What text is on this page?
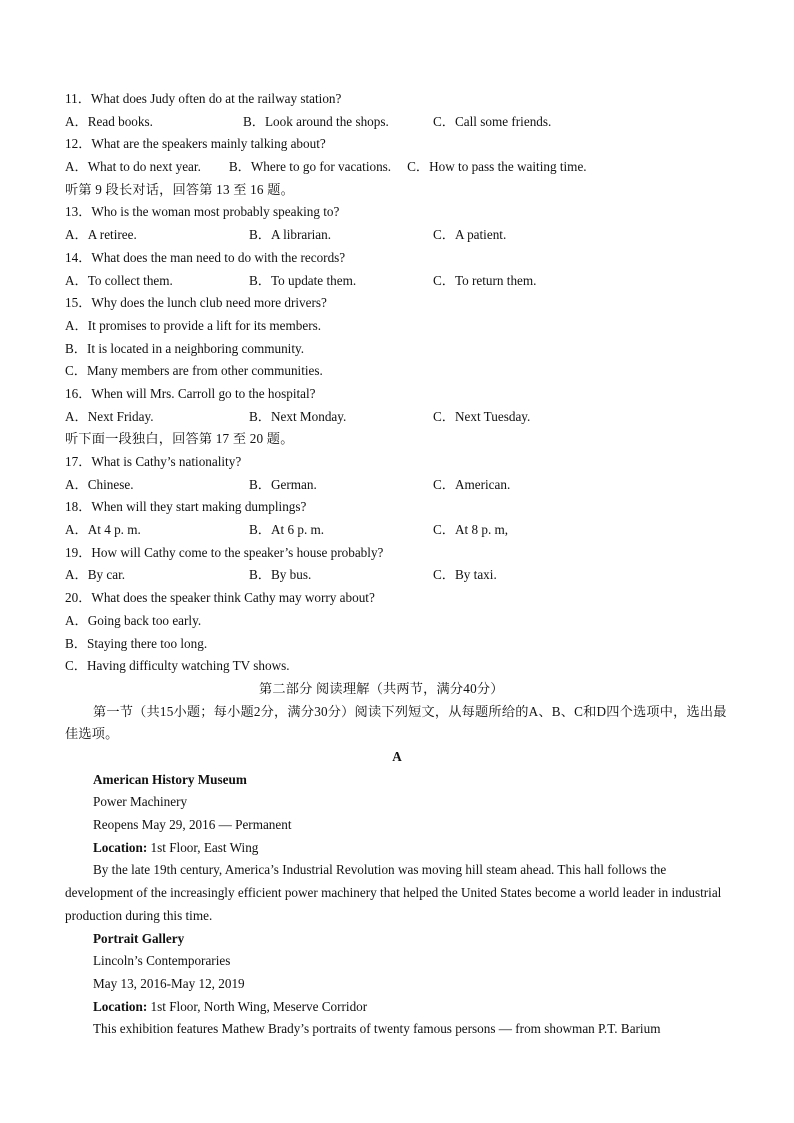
11．What does Judy often do at the railway station?
A．Read books.	B．Look around the shops.	C．Call some friends.
12．What are the speakers mainly talking about?
A．What to do next year. B．Where to go for vacations. C．How to pass the waiting time.
听第 9 段长对话，回答第 13 至 16 题。
13．Who is the woman most probably speaking to?
A．A retiree.	B．A librarian.	C．A patient.
14．What does the man need to do with the records?
A．To collect them.	B．To update them.	C．To return them.
15．Why does the lunch club need more drivers?
A．It promises to provide a lift for its members.
B．It is located in a neighboring community.
C．Many members are from other communities.
16．When will Mrs. Carroll go to the hospital?
A．Next Friday.	B．Next Monday.	C．Next Tuesday.
听下面一段独白，回答第 17 至 20 题。
17．What is Cathy’s nationality?
A．Chinese.	B．German.	C．American.
18．When will they start making dumplings?
A．At 4 p. m.	B．At 6 p. m.	C．At 8 p. m,
19．How will Cathy come to the speaker’s house probably?
A．By car.	B．By bus.	C．By taxi.
20．What does the speaker think Cathy may worry about?
A．Going back too early.
B．Staying there too long.
C．Having difficulty watching TV shows.
第二部分 阅读理解（共两节，满分40分）
第一节（共15小题；每小题2分，满分30分）阅读下列短文，从每题所给的A、B、C和D四个选项中，选出最佳选项。
A
American History Museum
Power Machinery
Reopens May 29, 2016 — Permanent
Location: 1st Floor, East Wing
By the late 19th century, America’s Industrial Revolution was moving hill steam ahead. This hall follows the development of the increasingly efficient power machinery that helped the United States become a world leader in industrial production during this time.
Portrait Gallery
Lincoln’s Contemporaries
May 13, 2016-May 12, 2019
Location: 1st Floor, North Wing, Meserve Corridor
This exhibition features Mathew Brady’s portraits of twenty famous persons — from showman P.T. Barium
